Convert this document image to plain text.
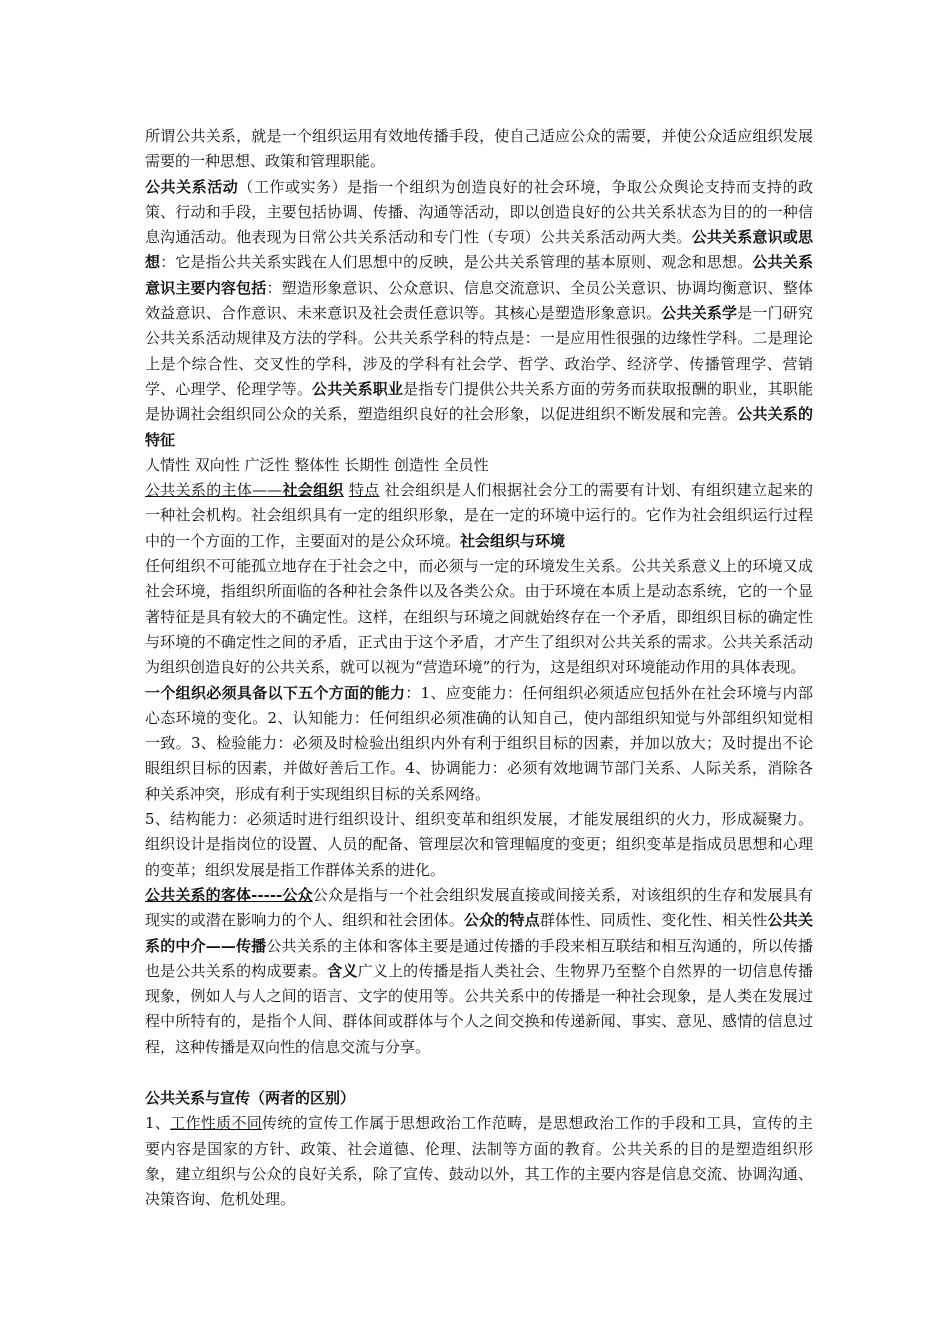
所谓公共关系，就是一个组织运用有效地传播手段，使自己适应公众的需要，并使公众适应组织发展需要的一种思想、政策和管理职能。

公共关系活动（工作或实务）是指一个组织为创造良好的社会环境，争取公众舆论支持而支持的政策、行动和手段，主要包括协调、传播、沟通等活动，即以创造良好的公共关系状态为目的的一种信息沟通活动。他表现为日常公共关系活动和专门性（专项）公共关系活动两大类。公共关系意识或思想：它是指公共关系实践在人们思想中的反映，是公共关系管理的基本原则、观念和思想。公共关系意识主要内容包括：塑造形象意识、公众意识、信息交流意识、全员公关意识、协调均衡意识、整体效益意识、合作意识、未来意识及社会责任意识等。其核心是塑造形象意识。公共关系学是一门研究公共关系活动规律及方法的学科。公共关系学科的特点是：一是应用性很强的边缘性学科。二是理论上是个综合性、交叉性的学科，涉及的学科有社会学、哲学、政治学、经济学、传播管理学、营销学、心理学、伦理学等。公共关系职业是指专门提供公共关系方面的劳务而获取报酬的职业，其职能是协调社会组织同公众的关系，塑造组织良好的社会形象，以促进组织不断发展和完善。公共关系的特征

人情性 双向性 广泛性 整体性 长期性 创造性 全员性

公共关系的主体——社会组织 特点 社会组织是人们根据社会分工的需要有计划、有组织建立起来的一种社会机构。社会组织具有一定的组织形象，是在一定的环境中运行的。它作为社会组织运行过程中的一个方面的工作，主要面对的是公众环境。社会组织与环境

任何组织不可能孤立地存在于社会之中，而必须与一定的环境发生关系。公共关系意义上的环境又成社会环境，指组织所面临的各种社会条件以及各类公众。由于环境在本质上是动态系统，它的一个显著特征是具有较大的不确定性。这样，在组织与环境之间就始终存在一个矛盾，即组织目标的确定性与环境的不确定性之间的矛盾，正式由于这个矛盾，才产生了组织对公共关系的需求。公共关系活动为组织创造良好的公共关系，就可以视为“营造环境”的行为，这是组织对环境能动作用的具体表现。

一个组织必须具备以下五个方面的能力：1、应变能力：任何组织必须适应包括外在社会环境与内部心态环境的变化。2、认知能力：任何组织必须准确的认知自己，使内部组织知觉与外部组织知觉相一致。3、检验能力：必须及时检验出组织内外有利于组织目标的因素，并加以放大；及时提出不论眼组织目标的因素，并做好善后工作。4、协调能力：必须有效地调节部门关系、人际关系，消除各种关系冲突，形成有利于实现组织目标的关系网络。

5、结构能力：必须适时进行组织设计、组织变革和组织发展，才能发展组织的火力，形成凝聚力。组织设计是指岗位的设置、人员的配备、管理层次和管理幅度的变更；组织变革是指成员思想和心理的变革；组织发展是指工作群体关系的进化。

公共关系的客体-----公众公众是指与一个社会组织发展直接或间接关系，对该组织的生存和发展具有现实的或潜在影响力的个人、组织和社会团体。公众的特点群体性、同质性、变化性、相关性公共关系的中介——传播公共关系的主体和客体主要是通过传播的手段来相互联结和相互沟通的，所以传播也是公共关系的构成要素。含义广义上的传播是指人类社会、生物界乃至整个自然界的一切信息传播现象，例如人与人之间的语言、文字的使用等。公共关系中的传播是一种社会现象，是人类在发展过程中所特有的，是指个人间、群体间或群体与个人之间交换和传递新闻、事实、意见、感情的信息过程，这种传播是双向性的信息交流与分享。

公共关系与宣传（两者的区别）

1、工作性质不同传统的宣传工作属于思想政治工作范畴，是思想政治工作的手段和工具，宣传的主要内容是国家的方针、政策、社会道德、伦理、法制等方面的教育。公共关系的目的是塑造组织形象，建立组织与公众的良好关系，除了宣传、鼓动以外，其工作的主要内容是信息交流、协调沟通、决策咨询、危机处理。
